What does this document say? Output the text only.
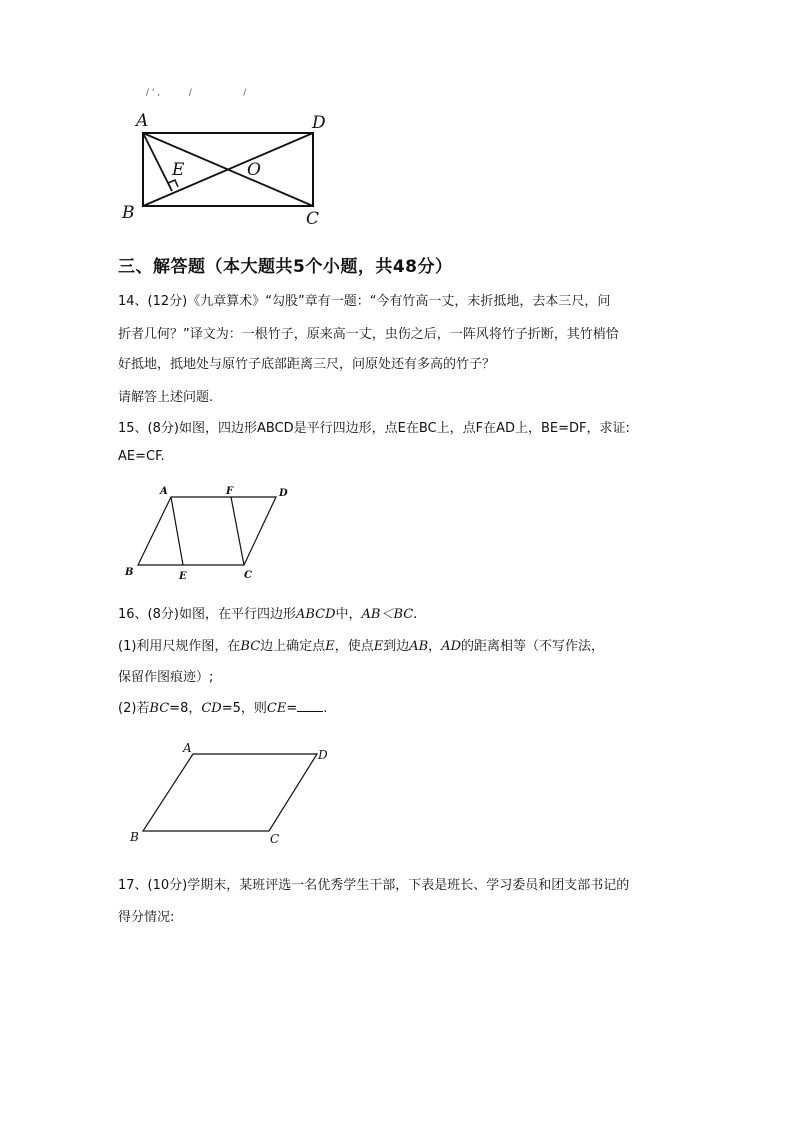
/ ' ,          /                  /
A	D
B	C
E	O
三、解答题（本大题共5个小题，共48分）
14、(12分)《九章算术》“勾股”章有一题：“今有竹高一丈，末折抵地，去本三尺，问
折者几何？”译文为：一根竹子，原来高一丈，虫伤之后，一阵风将竹子折断，其竹梢恰
好抵地，抵地处与原竹子底部距离三尺，问原处还有多高的竹子？
请解答上述问题.
15、(8分)如图，四边形ABCD是平行四边形，点E在BC上，点F在AD上，BE=DF，求证:
AE=CF.
A	F	D
B	E	C
16、(8分)如图，在平行四边形ABCD中，AB＜BC.
(1)利用尺规作图，在BC边上确定点E，使点E到边AB，AD的距离相等（不写作法，
保留作图痕迹）;
(2)若BC=8，CD=5，则CE= .
A	D
B	C
17、(10分)学期末，某班评选一名优秀学生干部，下表是班长、学习委员和团支部书记的
得分情况:
